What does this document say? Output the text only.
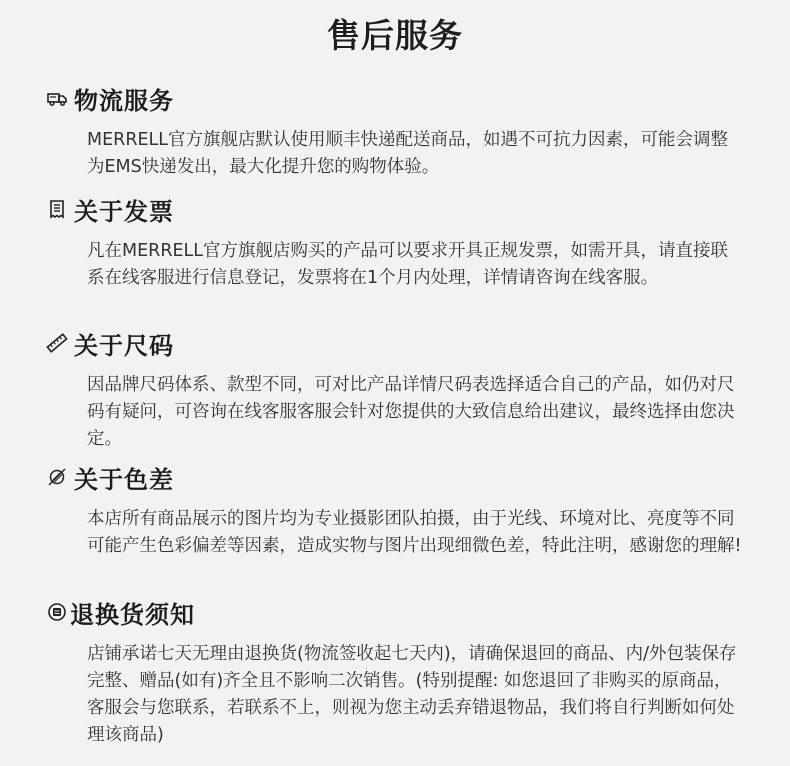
售后服务
物流服务

MERRELL官方旗舰店默认使用顺丰快递配送商品，如遇不可抗力因素，可能会调整为EMS快递发出，最大化提升您的购物体验。

关于发票

凡在MERRELL官方旗舰店购买的产品可以要求开具正规发票，如需开具，请直接联系在线客服进行信息登记，发票将在1个月内处理，详情请咨询在线客服。

关于尺码

因品牌尺码体系、款型不同，可对比产品详情尺码表选择适合自己的产品，如仍对尺码有疑问，可咨询在线客服客服会针对您提供的大致信息给出建议，最终选择由您决定。

关于色差

本店所有商品展示的图片均为专业摄影团队拍摄，由于光线、环境对比、亮度等不同可能产生色彩偏差等因素，造成实物与图片出现细微色差，特此注明，感谢您的理解!

退换货须知

店铺承诺七天无理由退换货(物流签收起七天内)，请确保退回的商品、内/外包装保存完整、赠品(如有)齐全且不影响二次销售。(特别提醒: 如您退回了非购买的原商品，客服会与您联系，若联系不上，则视为您主动丢弃错退物品，我们将自行判断如何处理该商品)
